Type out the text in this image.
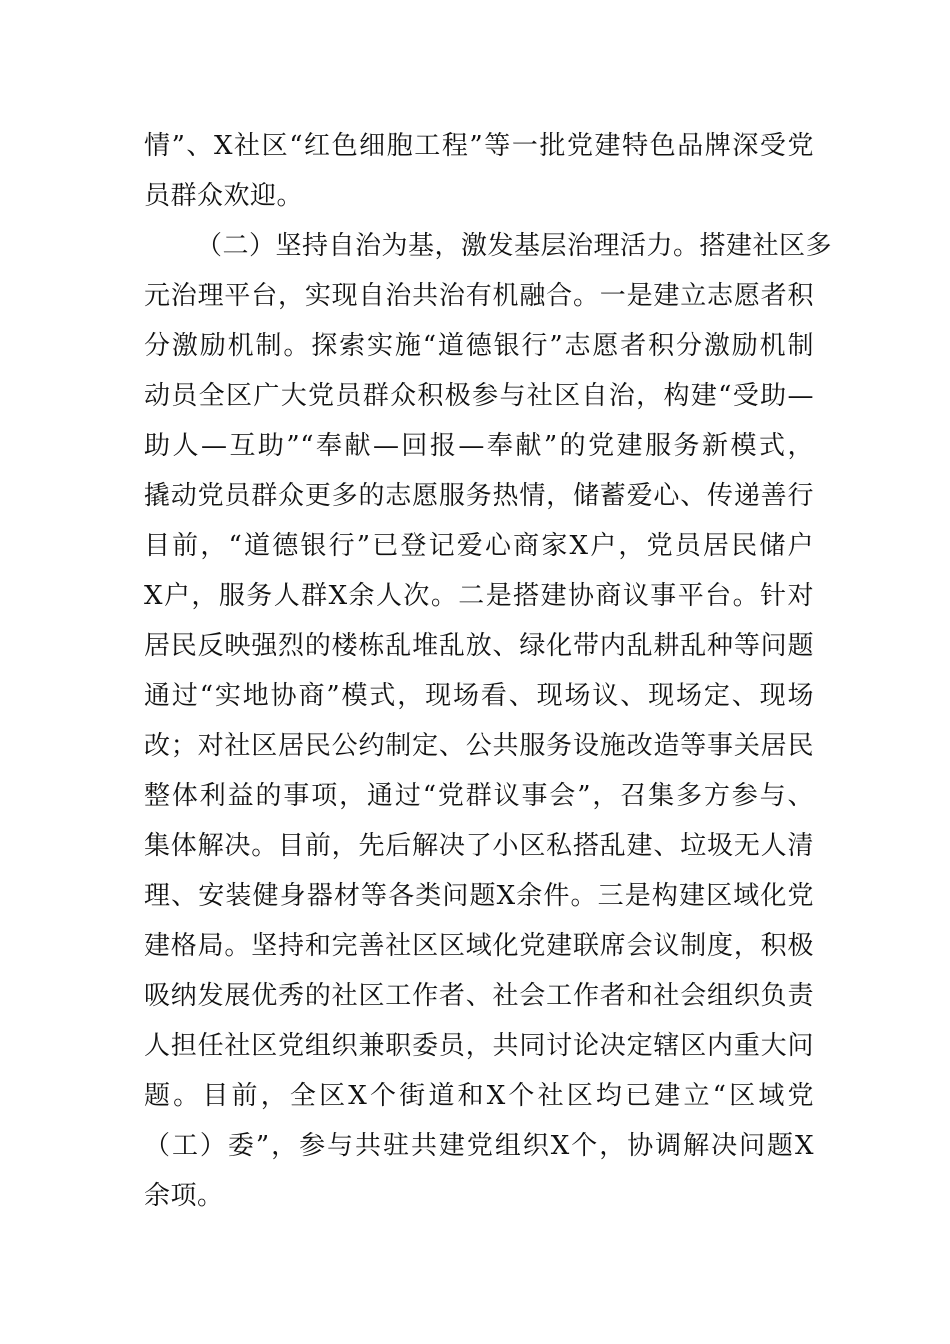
情”、X社区“红色细胞工程”等一批党建特色品牌深受党
员群众欢迎。
（二）坚持自治为基，激发基层治理活力。搭建社区多
元治理平台，实现自治共治有机融合。一是建立志愿者积
分激励机制。探索实施“道德银行”志愿者积分激励机制
动员全区广大党员群众积极参与社区自治，构建“受助—
助人—互助”“奉献—回报—奉献”的党建服务新模式，
撬动党员群众更多的志愿服务热情，储蓄爱心、传递善行
目前，“道德银行”已登记爱心商家X户，党员居民储户
X户，服务人群X余人次。二是搭建协商议事平台。针对
居民反映强烈的楼栋乱堆乱放、绿化带内乱耕乱种等问题
通过“实地协商”模式，现场看、现场议、现场定、现场
改；对社区居民公约制定、公共服务设施改造等事关居民
整体利益的事项，通过“党群议事会”，召集多方参与、
集体解决。目前，先后解决了小区私搭乱建、垃圾无人清
理、安装健身器材等各类问题X余件。三是构建区域化党
建格局。坚持和完善社区区域化党建联席会议制度，积极
吸纳发展优秀的社区工作者、社会工作者和社会组织负责
人担任社区党组织兼职委员，共同讨论决定辖区内重大问
题。目前，全区X个街道和X个社区均已建立“区域党
（工）委”，参与共驻共建党组织X个，协调解决问题X
余项。
